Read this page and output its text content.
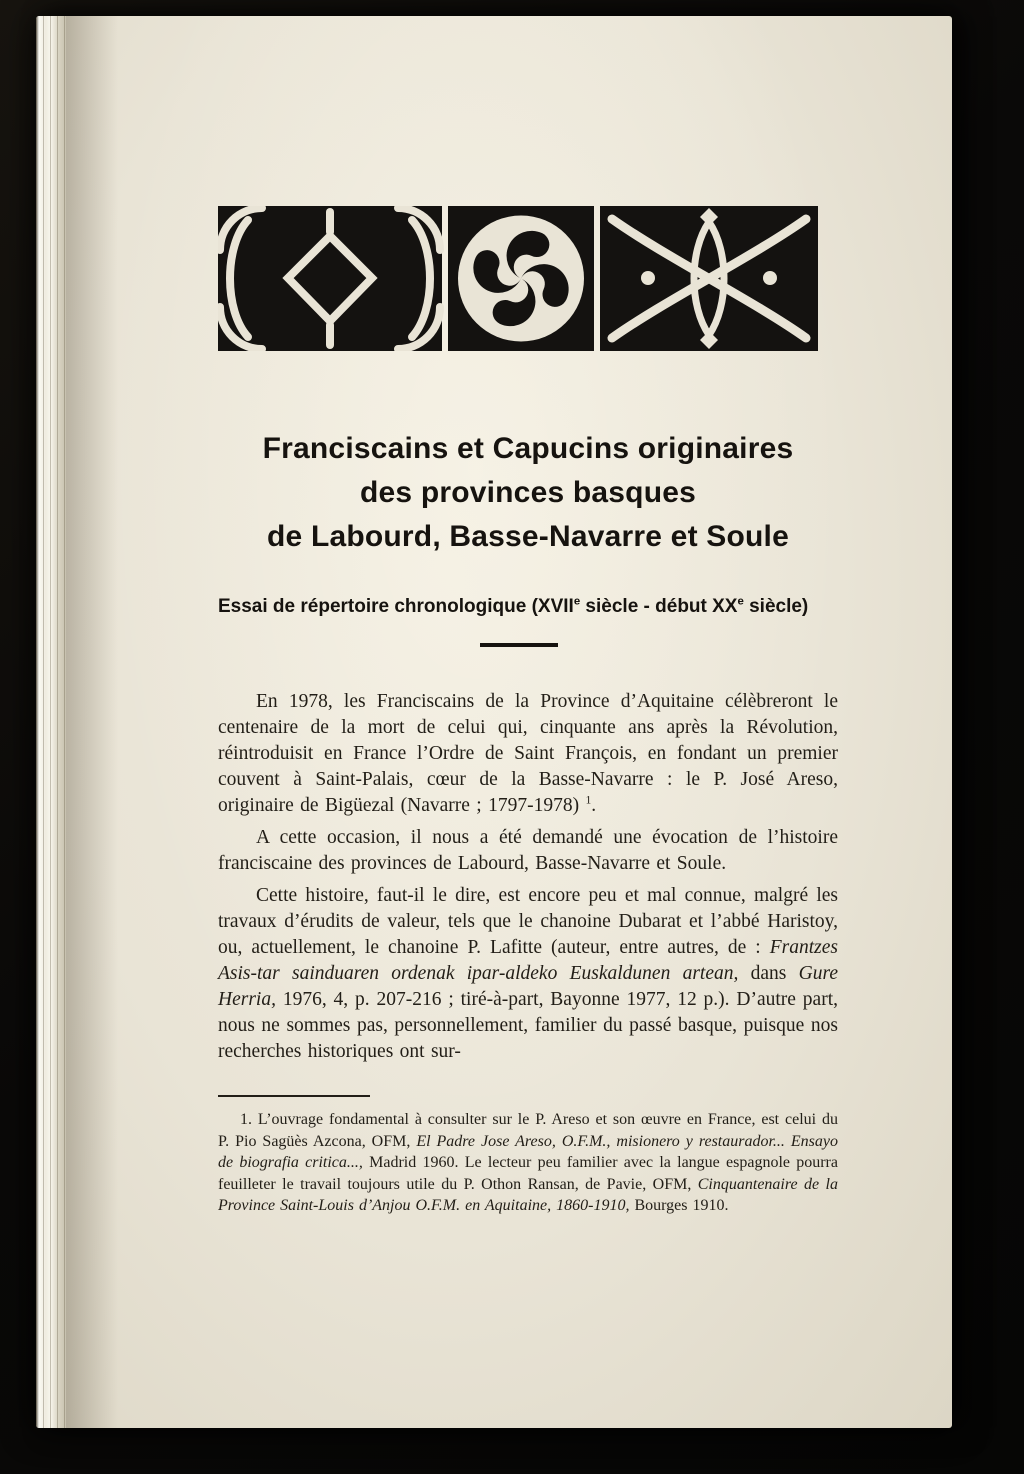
Franciscains et Capucins originaires
des provinces basques
de Labourd, Basse-Navarre et Soule
Essai de répertoire chronologique (XVIIe siècle - début XXe siècle)

En 1978, les Franciscains de la Province d’Aquitaine célèbreront le centenaire de la mort de celui qui, cinquante ans après la Révolution, réintroduisit en France l’Ordre de Saint François, en fondant un premier couvent à Saint-Palais, cœur de la Basse-Navarre : le P. José Areso, originaire de Bigüezal (Navarre ; 1797-1978) $^1$.

A cette occasion, il nous a été demandé une évocation de l’histoire franciscaine des provinces de Labourd, Basse-Navarre et Soule.

Cette histoire, faut-il le dire, est encore peu et mal connue, malgré les travaux d’érudits de valeur, tels que le chanoine Dubarat et l’abbé Haristoy, ou, actuellement, le chanoine P. Lafitte (auteur, entre autres, de : Frantzes Asis-tar sainduaren ordenak ipar-aldeko Euskaldunen artean, dans Gure Herria, 1976, 4, p. 207-216 ; tiré-à-part, Bayonne 1977, 12 p.). D’autre part, nous ne sommes pas, personnellement, familier du passé basque, puisque nos recherches historiques ont sur-

1. L’ouvrage fondamental à consulter sur le P. Areso et son œuvre en France, est celui du P. Pio Sagüès Azcona, OFM, El Padre Jose Areso, O.F.M., misionero y restaurador... Ensayo de biografia critica..., Madrid 1960. Le lecteur peu familier avec la langue espagnole pourra feuilleter le travail toujours utile du P. Othon Ransan, de Pavie, OFM, Cinquantenaire de la Province Saint-Louis d’Anjou O.F.M. en Aquitaine, 1860-1910, Bourges 1910.
